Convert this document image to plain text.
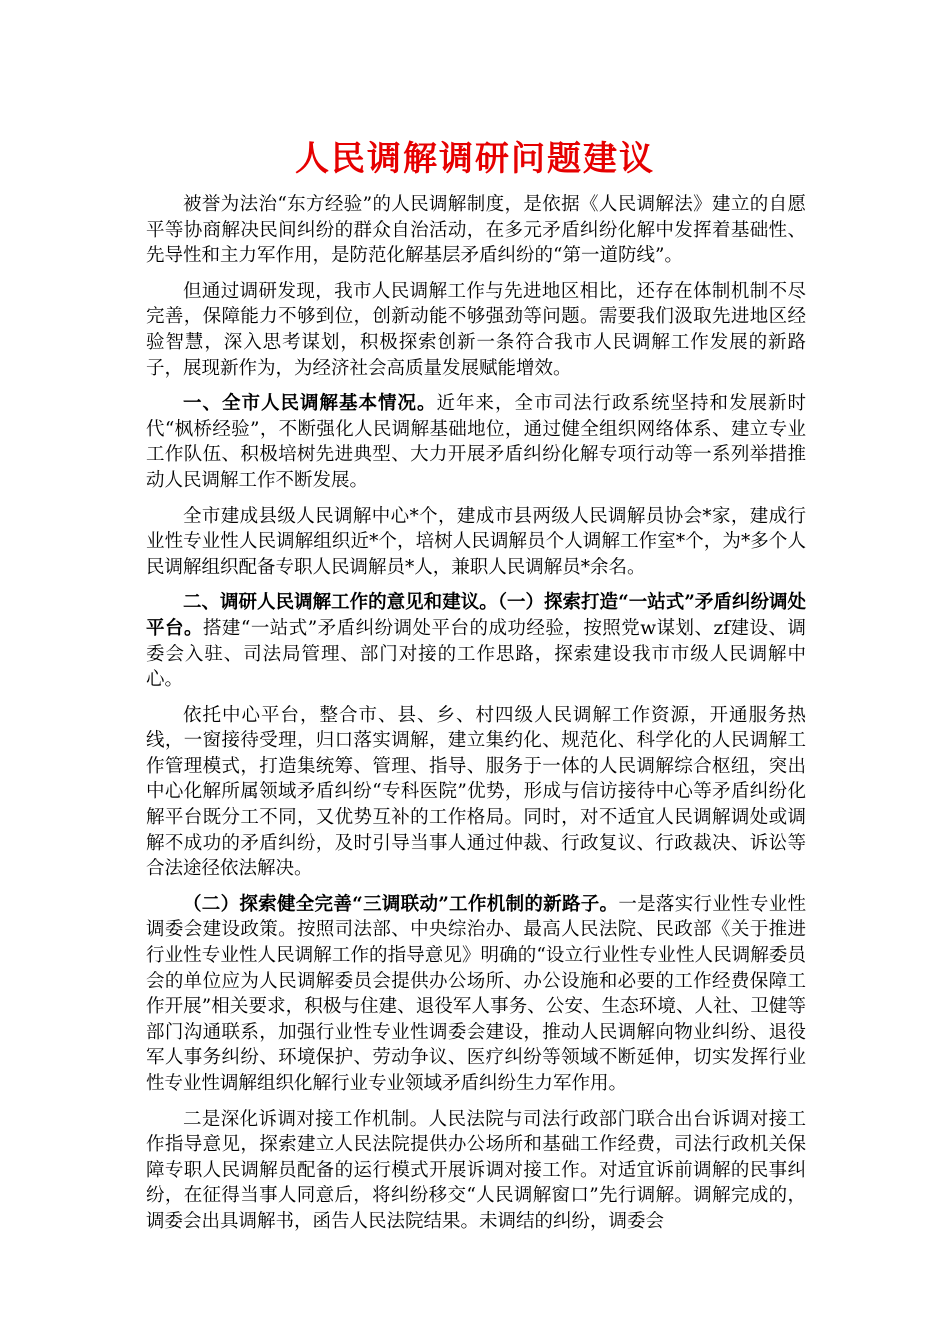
人民调解调研问题建议

被誉为法治“东方经验”的人民调解制度，是依据《人民调解法》建立的自愿平等协商解决民间纠纷的群众自治活动，在多元矛盾纠纷化解中发挥着基础性、先导性和主力军作用，是防范化解基层矛盾纠纷的“第一道防线”。

但通过调研发现，我市人民调解工作与先进地区相比，还存在体制机制不尽完善，保障能力不够到位，创新动能不够强劲等问题。需要我们汲取先进地区经验智慧，深入思考谋划，积极探索创新一条符合我市人民调解工作发展的新路子，展现新作为，为经济社会高质量发展赋能增效。

一、全市人民调解基本情况。近年来，全市司法行政系统坚持和发展新时代“枫桥经验”，不断强化人民调解基础地位，通过健全组织网络体系、建立专业工作队伍、积极培树先进典型、大力开展矛盾纠纷化解专项行动等一系列举措推动人民调解工作不断发展。

全市建成县级人民调解中心*个，建成市县两级人民调解员协会*家，建成行业性专业性人民调解组织近*个，培树人民调解员个人调解工作室*个，为*多个人民调解组织配备专职人民调解员*人，兼职人民调解员*余名。

二、调研人民调解工作的意见和建议。（一）探索打造“一站式”矛盾纠纷调处平台。搭建“一站式”矛盾纠纷调处平台的成功经验，按照党w谋划、zf建设、调委会入驻、司法局管理、部门对接的工作思路，探索建设我市市级人民调解中心。

依托中心平台，整合市、县、乡、村四级人民调解工作资源，开通服务热线，一窗接待受理，归口落实调解，建立集约化、规范化、科学化的人民调解工作管理模式，打造集统筹、管理、指导、服务于一体的人民调解综合枢纽，突出中心化解所属领域矛盾纠纷“专科医院”优势，形成与信访接待中心等矛盾纠纷化解平台既分工不同，又优势互补的工作格局。同时，对不适宜人民调解调处或调解不成功的矛盾纠纷，及时引导当事人通过仲裁、行政复议、行政裁决、诉讼等合法途径依法解决。

（二）探索健全完善“三调联动”工作机制的新路子。一是落实行业性专业性调委会建设政策。按照司法部、中央综治办、最高人民法院、民政部《关于推进行业性专业性人民调解工作的指导意见》明确的“设立行业性专业性人民调解委员会的单位应为人民调解委员会提供办公场所、办公设施和必要的工作经费保障工作开展”相关要求，积极与住建、退役军人事务、公安、生态环境、人社、卫健等部门沟通联系，加强行业性专业性调委会建设，推动人民调解向物业纠纷、退役军人事务纠纷、环境保护、劳动争议、医疗纠纷等领域不断延伸，切实发挥行业性专业性调解组织化解行业专业领域矛盾纠纷生力军作用。

二是深化诉调对接工作机制。人民法院与司法行政部门联合出台诉调对接工作指导意见，探索建立人民法院提供办公场所和基础工作经费，司法行政机关保障专职人民调解员配备的运行模式开展诉调对接工作。对适宜诉前调解的民事纠纷，在征得当事人同意后，将纠纷移交“人民调解窗口”先行调解。调解完成的，调委会出具调解书，函告人民法院结果。未调结的纠纷，调委会
